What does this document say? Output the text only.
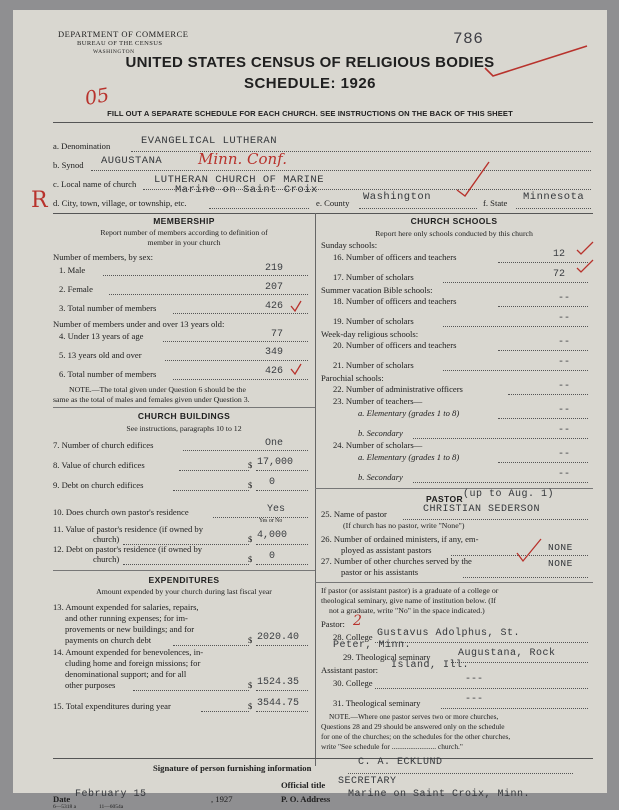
DEPARTMENT OF COMMERCE
BUREAU OF THE CENSUS
WASHINGTON
786
05
R
UNITED STATES CENSUS OF RELIGIOUS BODIES
SCHEDULE: 1926
FILL OUT A SEPARATE SCHEDULE FOR EACH CHURCH. SEE INSTRUCTIONS ON THE BACK OF THIS SHEET
a. Denomination	EVANGELICAL LUTHERAN
b. Synod AUGUSTANA Minn. Conf.
c. Local name of church LUTHERAN CHURCH OF MARINE
d. City, town, village, or township, etc.
Marine on Saint Croix
e. County Washington	f. State Minnesota
MEMBERSHIP
Report number of members according to definition of
member in your church
Number of members, by sex:
1. Male	219
2. Female	207
3. Total number of members	426
Number of members under and over 13 years old:
4. Under 13 years of age	77
5. 13 years old and over	349
6. Total number of members	426
NOTE.—The total given under Question 6 should be the
same as the total of males and females given under Question 3.
CHURCH BUILDINGS
See instructions, paragraphs 10 to 12
7. Number of church edifices	One
8. Value of church edifices	$ 17,000
9. Debt on church edifices	$ 0
10. Does church own pastor's residence	Yes
Yes or No
11. Value of pastor's residence (if owned by
church)	$ 4,000
12. Debt on pastor's residence (if owned by
church)	$ 0
EXPENDITURES
Amount expended by your church during last fiscal year
13. Amount expended for salaries, repairs,
and other running expenses; for im-
provements or new buildings; and for
payments on church debt	$ 2020.40
14. Amount expended for benevolences, in-
cluding home and foreign missions; for
denominational support; and for all
other purposes	$ 1524.35
15. Total expenditures during year	$ 3544.75
CHURCH SCHOOLS
Report here only schools conducted by this church
Sunday schools:
16. Number of officers and teachers	12
17. Number of scholars	72
Summer vacation Bible schools:
18. Number of officers and teachers	--
19. Number of scholars	--
Week-day religious schools:
20. Number of officers and teachers	--
21. Number of scholars	--
Parochial schools:
22. Number of administrative officers	--
23. Number of teachers—
a. Elementary (grades 1 to 8)	--
b. Secondary	--
24. Number of scholars—
a. Elementary (grades 1 to 8)	--
b. Secondary	--
PASTOR (up to Aug. 1)
25. Name of pastor	CHRISTIAN SEDERSON
(If church has no pastor, write "None")
26. Number of ordained ministers, if any, em-
ployed as assistant pastors	NONE
27. Number of other churches served by the
pastor or his assistants
NONE
If pastor (or assistant pastor) is a graduate of a college or
theological seminary, give name of institution below. (If
not a graduate, write "No" in the space indicated.)
Pastor: 2
28. College Gustavus Adolphus, St.
Peter, Minn.
29. Theological seminary	Augustana, Rock
Assistant pastor: Island, Ill.
30. College	---
31. Theological seminary	---
NOTE.—Where one pastor serves two or more churches,
Questions 28 and 29 should be answered only on the schedule
for one of the churches; on the schedules for the other churches,
write "See schedule for ........................ church."
Signature of person furnishing information	C. A. ECKLUND
Official title SECRETARY
Date February 15	, 1927	P. O. Address Marine on Saint Croix, Minn.
6—5318 a	11—6054a
